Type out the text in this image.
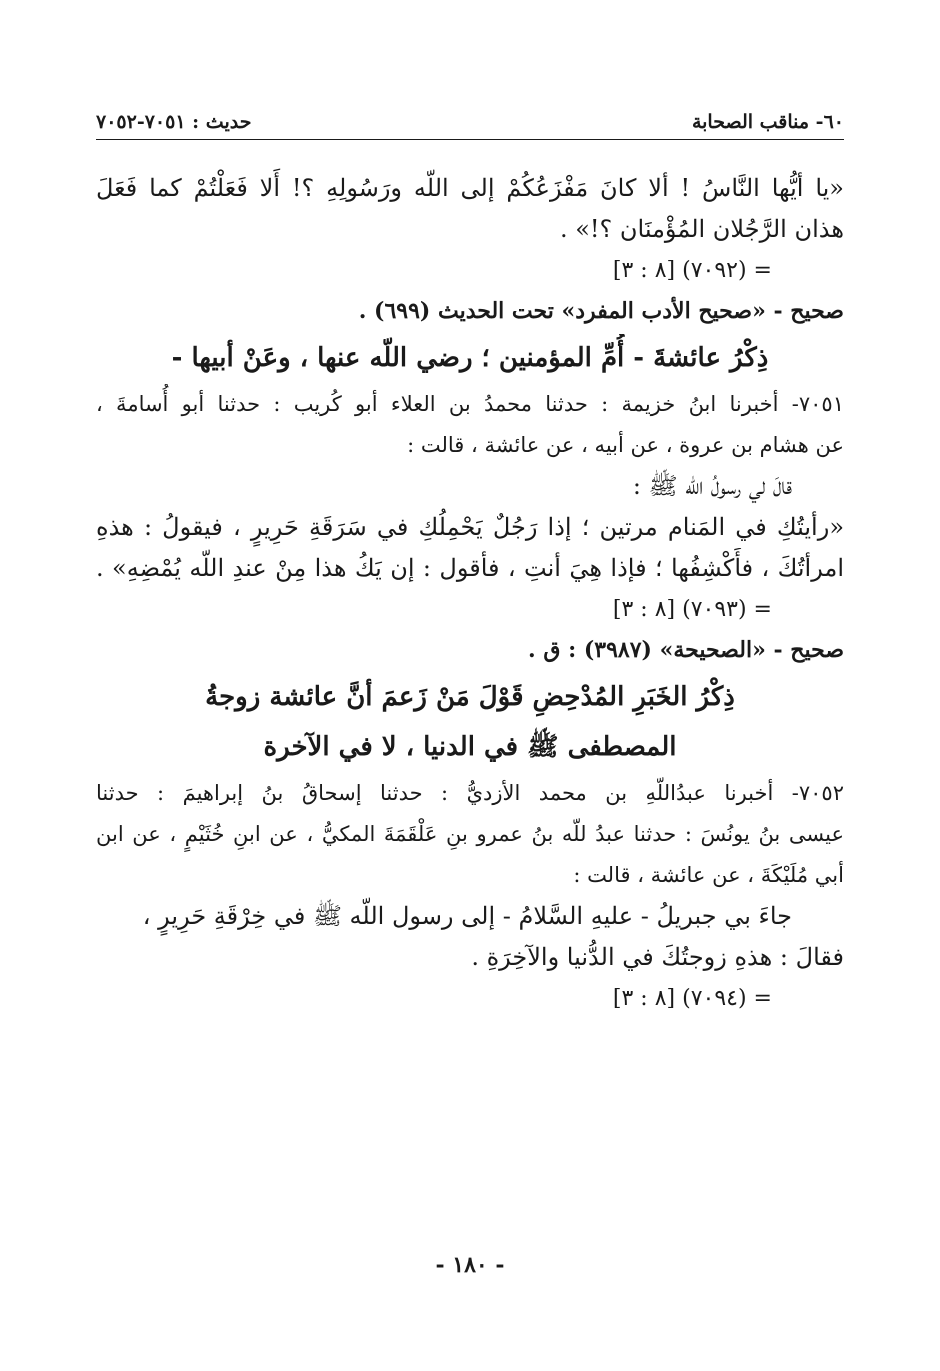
حديث : ٧٠٥١-٧٠٥٢	٦٠- مناقب الصحابة

«يا أيُّها النَّاسُ ! ألا كانَ مَفْزَعُكُمْ إلى اللّه ورَسُولِهِ ؟! أَلا فَعَلْتُمْ كما فَعَلَ

هذان الرَّجُلان المُؤْمنَان ؟!» .

= (٧٠٩٢) [٨ : ٣]

صحيح - «صحيح الأدب المفرد» تحت الحديث (٦٩٩) .

ذِكْرُ عائشةَ - أُمِّ المؤمنين ؛ رضي اللّه عنها ، وعَنْ أبيها -

٧٠٥١- أخبرنا ابنُ خزيمة : حدثنا محمدُ بن العلاء أبو كُريب : حدثنا أبو أُسامةَ ،

عن هشام بن عروة ، عن أبيه ، عن عائشة ، قالت :

قالَ لي رسولُ اللّه ﷺ :

«رأيتُكِ في المَنام مرتين ؛ إذا رَجُلٌ يَحْمِلُكِ في سَرَقَةِ حَرِيرٍ ، فيقولُ : هذهِ

امرأتُكَ ، فأَكْشِفُها ؛ فإذا هِيَ أنتِ ، فأقول : إن يَكُ هذا مِنْ عندِ اللّه يُمْضِهِ» .

= (٧٠٩٣) [٨ : ٣]

صحيح - «الصحيحة» (٣٩٨٧) : ق .

ذِكْرُ الخَبَرِ المُدْحِضِ قَوْلَ مَنْ زَعمَ أنَّ عائشة زوجةُ

المصطفى ﷺ في الدنيا ، لا في الآخرة

٧٠٥٢- أخبرنا عبدُاللّهِ بن محمد الأزديُّ : حدثنا إسحاقُ بنُ إبراهيمَ : حدثنا

عيسى بنُ يونُسَ : حدثنا عبدُ للّه بنُ عمرو بنِ عَلْقَمَةَ المكيُّ ، عن ابنِ خُثَيْمٍ ، عن ابن

أبي مُلَيْكَةَ ، عن عائشة ، قالت :

جاءَ بي جبريلُ - عليهِ السَّلامُ - إلى رسول اللّه ﷺ في خِرْقَةِ حَرِيرٍ ،

فقالَ : هذهِ زوجتُكَ في الدُّنيا والآخِرَةِ .

= (٧٠٩٤) [٨ : ٣]

- ١٨٠ -
